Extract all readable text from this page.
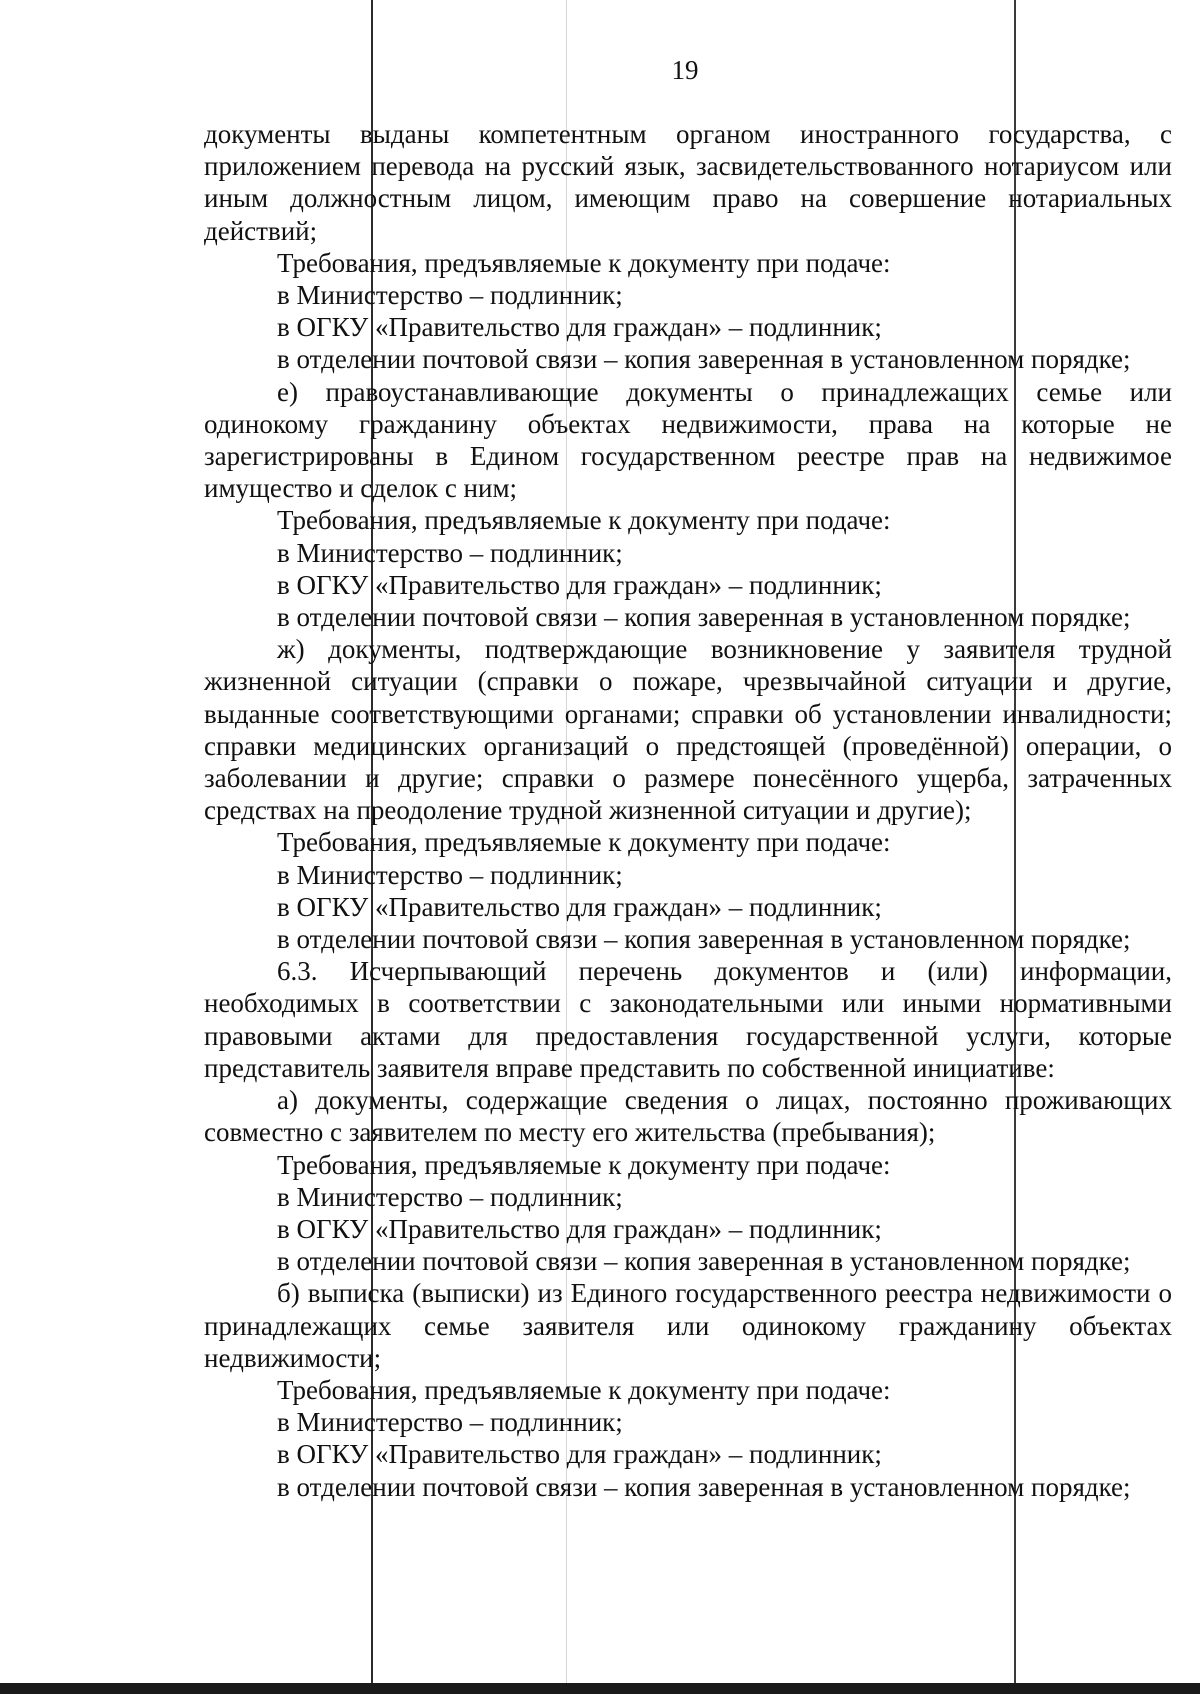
19

документы выданы компетентным органом иностранного государства, с приложением перевода на русский язык, засвидетельствованного нотариусом или иным должностным лицом, имеющим право на совершение нотариальных действий;

Требования, предъявляемые к документу при подаче:

в Министерство – подлинник;

в ОГКУ «Правительство для граждан» – подлинник;

в отделении почтовой связи – копия заверенная в установленном порядке;

е) правоустанавливающие документы о принадлежащих семье или одинокому гражданину объектах недвижимости, права на которые не зарегистрированы в Едином государственном реестре прав на недвижимое имущество и сделок с ним;

Требования, предъявляемые к документу при подаче:

в Министерство – подлинник;

в ОГКУ «Правительство для граждан» – подлинник;

в отделении почтовой связи – копия заверенная в установленном порядке;

ж) документы, подтверждающие возникновение у заявителя трудной жизненной ситуации (справки о пожаре, чрезвычайной ситуации и другие, выданные соответствующими органами; справки об установлении инвалидности; справки медицинских организаций о предстоящей (проведённой) операции, о заболевании и другие; справки о размере понесённого ущерба, затраченных средствах на преодоление трудной жизненной ситуации и другие);

Требования, предъявляемые к документу при подаче:

в Министерство – подлинник;

в ОГКУ «Правительство для граждан» – подлинник;

в отделении почтовой связи – копия заверенная в установленном порядке;

6.3. Исчерпывающий перечень документов и (или) информации, необходимых в соответствии с законодательными или иными нормативными правовыми актами для предоставления государственной услуги, которые представитель заявителя вправе представить по собственной инициативе:

а) документы, содержащие сведения о лицах, постоянно проживающих совместно с заявителем по месту его жительства (пребывания);

Требования, предъявляемые к документу при подаче:

в Министерство – подлинник;

в ОГКУ «Правительство для граждан» – подлинник;

в отделении почтовой связи – копия заверенная в установленном порядке;

б) выписка (выписки) из Единого государственного реестра недвижимости о принадлежащих семье заявителя или одинокому гражданину объектах недвижимости;

Требования, предъявляемые к документу при подаче:

в Министерство – подлинник;

в ОГКУ «Правительство для граждан» – подлинник;

в отделении почтовой связи – копия заверенная в установленном порядке;
